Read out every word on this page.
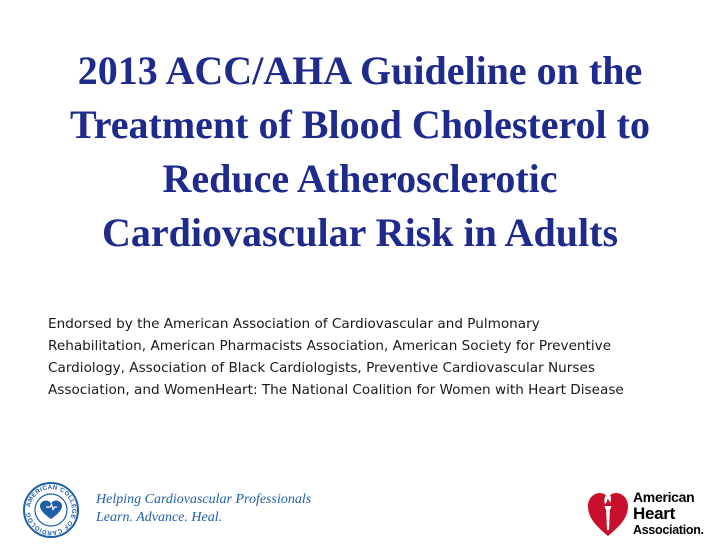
2013 ACC/AHA Guideline on the
Treatment of Blood Cholesterol to
Reduce Atherosclerotic
Cardiovascular Risk in Adults

Endorsed by the American Association of Cardiovascular and Pulmonary
Rehabilitation, American Pharmacists Association, American Society for Preventive
Cardiology, Association of Black Cardiologists, Preventive Cardiovascular Nurses
Association, and WomenHeart: The National Coalition for Women with Heart Disease

AMERICAN COLLEGE OF CARDIOLOG
Helping Cardiovascular Professionals
Learn. Advance. Heal.
American
Heart
Association.
